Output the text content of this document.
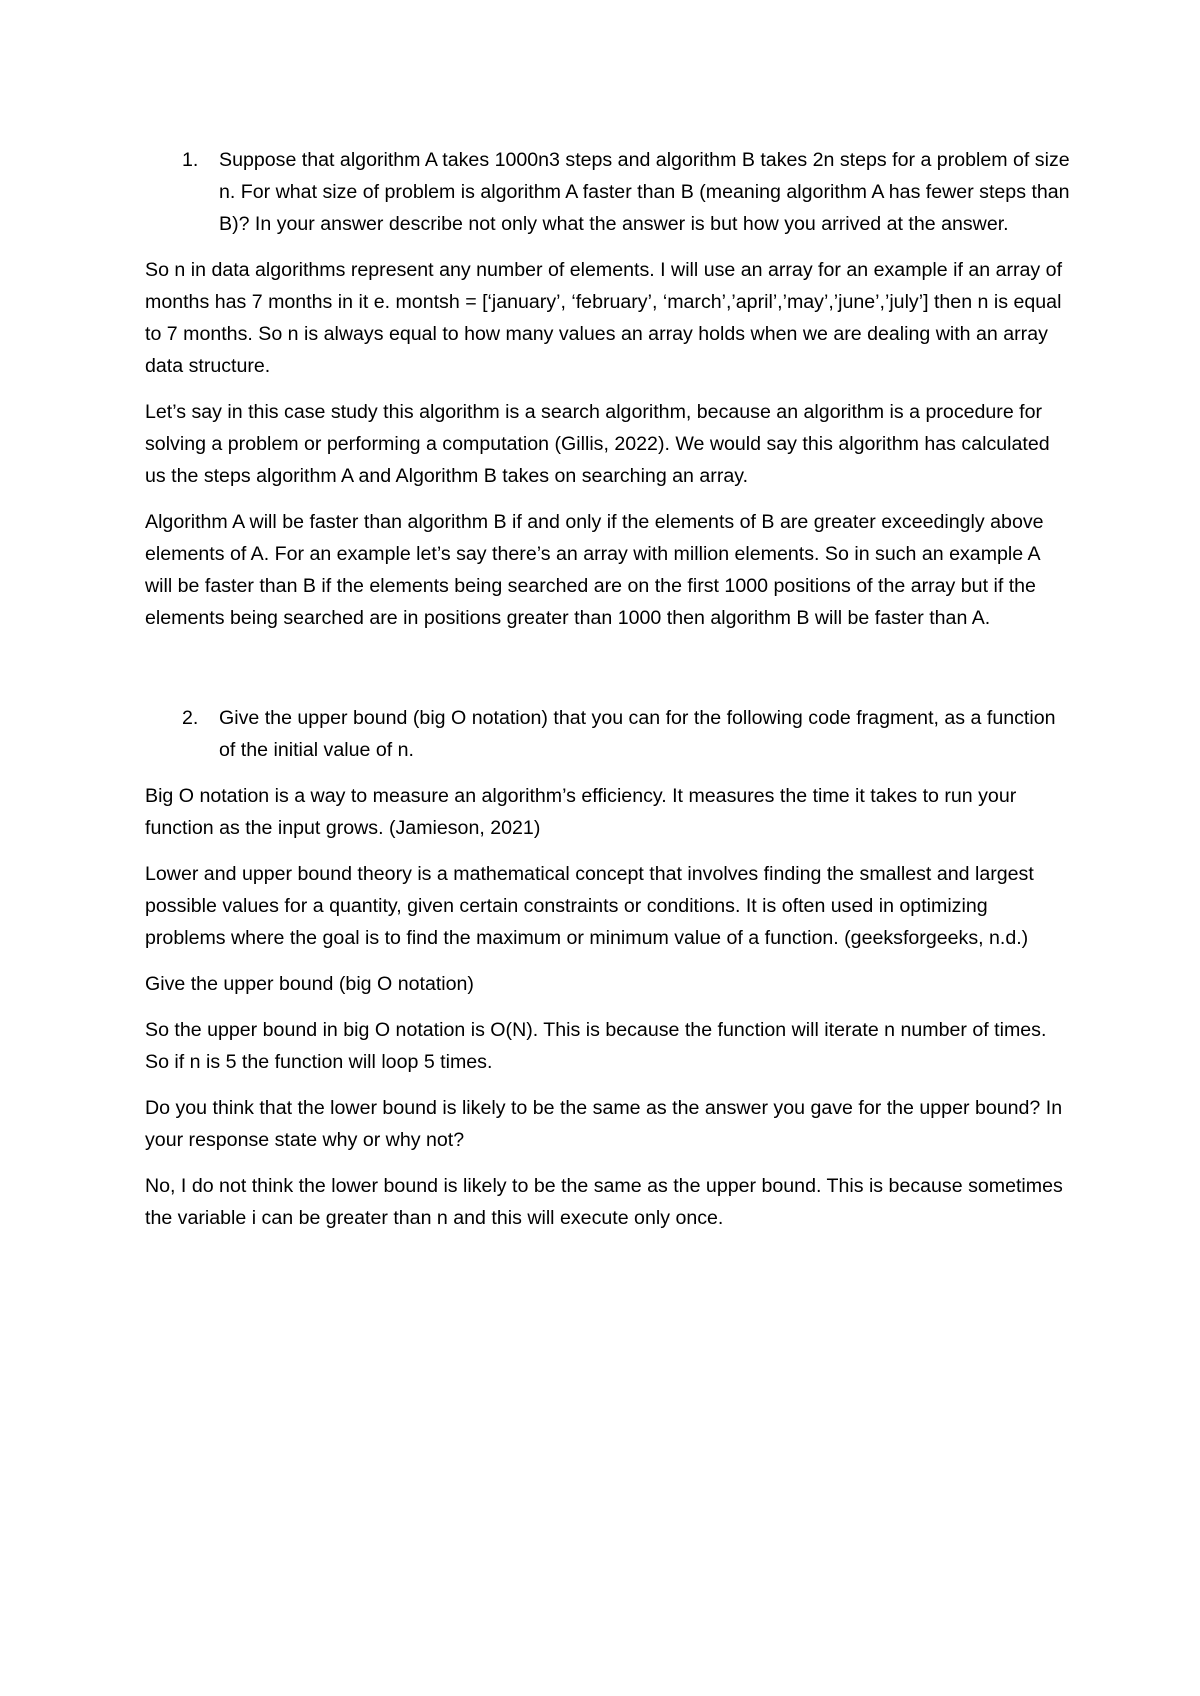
1. Suppose that algorithm A takes 1000n3 steps and algorithm B takes 2n steps for a problem of size n. For what size of problem is algorithm A faster than B (meaning algorithm A has fewer steps than B)? In your answer describe not only what the answer is but how you arrived at the answer.

So n in data algorithms represent any number of elements. I will use an array for an example if an array of months has 7 months in it e. montsh = [‘january’, ‘february’, ‘march’,’april’,’may’,’june’,’july’] then n is equal to 7 months. So n is always equal to how many values an array holds when we are dealing with an array data structure.

Let’s say in this case study this algorithm is a search algorithm, because an algorithm is a procedure for solving a problem or performing a computation (Gillis, 2022). We would say this algorithm has calculated us the steps algorithm A and Algorithm B takes on searching an array.

Algorithm A will be faster than algorithm B if and only if the elements of B are greater exceedingly above elements of A. For an example let’s say there’s an array with million elements. So in such an example A will be faster than B if the elements being searched are on the first 1000 positions of the array but if the elements being searched are in positions greater than 1000 then algorithm B will be faster than A.

2. Give the upper bound (big O notation) that you can for the following code fragment, as a function of the initial value of n.

Big O notation is a way to measure an algorithm’s efficiency. It measures the time it takes to run your function as the input grows. (Jamieson, 2021)

Lower and upper bound theory is a mathematical concept that involves finding the smallest and largest possible values for a quantity, given certain constraints or conditions. It is often used in optimizing problems where the goal is to find the maximum or minimum value of a function. (geeksforgeeks, n.d.)

Give the upper bound (big O notation)

So the upper bound in big O notation is O(N). This is because the function will iterate n number of times. So if n is 5 the function will loop 5 times.

Do you think that the lower bound is likely to be the same as the answer you gave for the upper bound? In your response state why or why not?

No, I do not think the lower bound is likely to be the same as the upper bound. This is because sometimes the variable i can be greater than n and this will execute only once.
